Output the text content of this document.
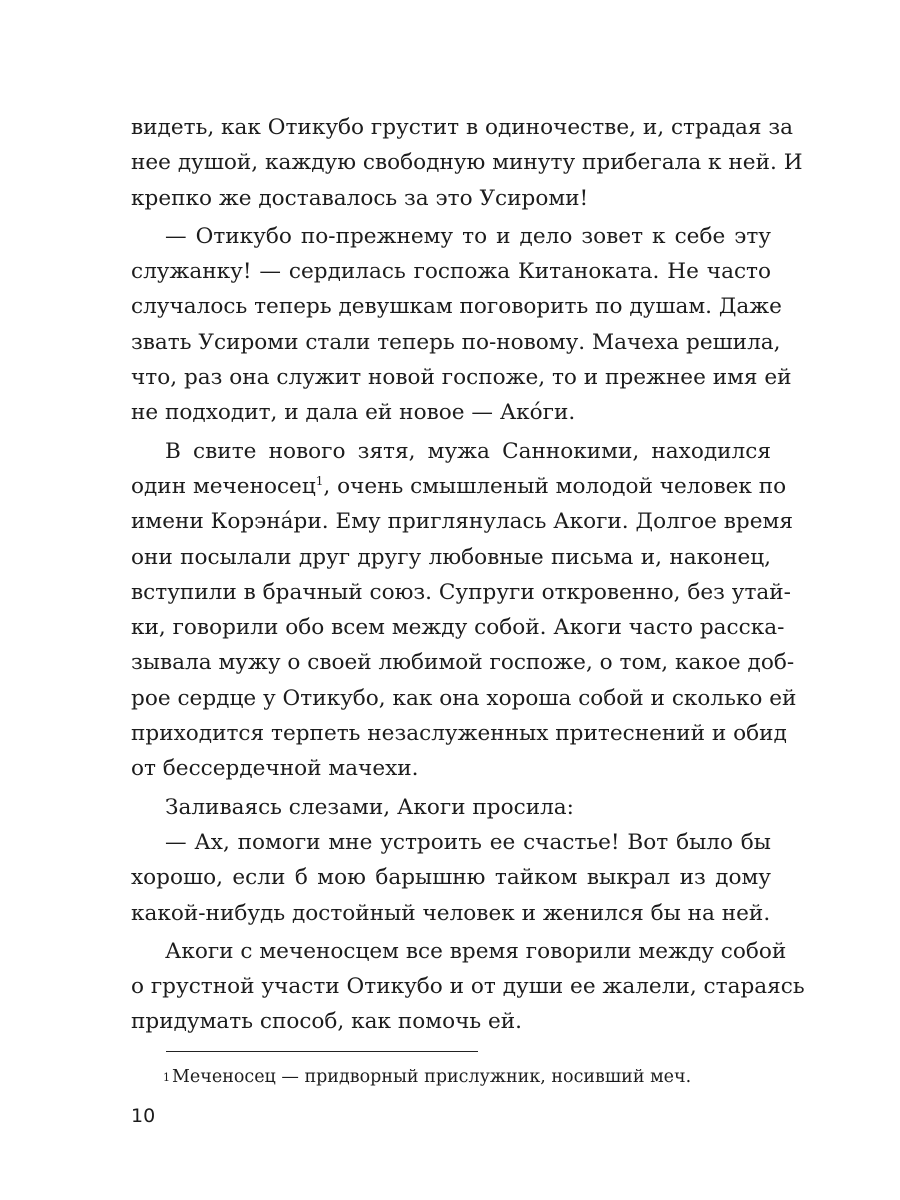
видеть, как Отикубо грустит в одиночестве, и, страдая за
нее душой, каждую свободную минуту прибегала к ней. И
крепко же доставалось за это Усироми!
— Отикубо по-прежнему то и дело зовет к себе эту
служанку! — сердилась госпожа Китаноката. Не часто
случалось теперь девушкам поговорить по душам. Даже
звать Усироми стали теперь по-новому. Мачеха решила,
что, раз она служит новой госпоже, то и прежнее имя ей
не подходит, и дала ей новое — Ако́ги.
В свите нового зятя, мужа Саннокими, находился
один меченосец$^1$, очень смышленый молодой человек по
имени Корэна́ри. Ему приглянулась Акоги. Долгое время
они посылали друг другу любовные письма и, наконец,
вступили в брачный союз. Супруги откровенно, без утай-
ки, говорили обо всем между собой. Акоги часто расска-
зывала мужу о своей любимой госпоже, о том, какое доб-
рое сердце у Отикубо, как она хороша собой и сколько ей
приходится терпеть незаслуженных притеснений и обид
от бессердечной мачехи.
Заливаясь слезами, Акоги просила:
— Ах, помоги мне устроить ее счастье! Вот было бы
хорошо, если б мою барышню тайком выкрал из дому
какой-нибудь достойный человек и женился бы на ней.
Акоги с меченосцем все время говорили между собой
о грустной участи Отикубо и от души ее жалели, стараясь
придумать способ, как помочь ей.
$^1$ Меченосец — придворный прислужник, носивший меч.
10
